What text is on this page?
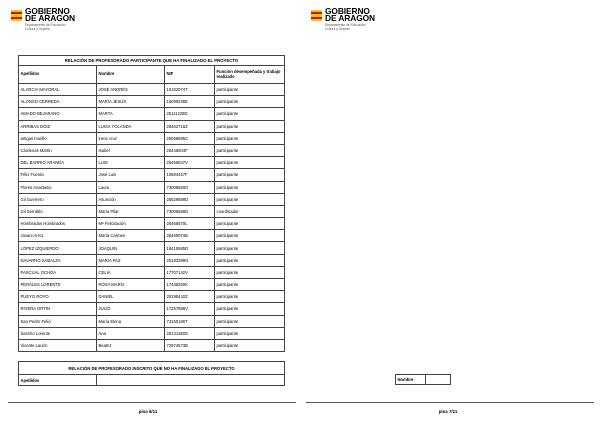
GOBIERNO
DE ARAGON
Departamento de Educación,
Cultura y Deporte
RELACIÓN DE PROFESORADO PARTICIPANTE QUE HA FINALIZADO EL PROYECTO			
Apellidos	Nombre	NIF	Función desempeñada y trabajo realizado
ALARCIA MAYORAL	JOSÉ ANDRÉS	10182074T	participante
ALONSO CERREDA	MARIA JESÚS	15099238E	participante
AMADO BEJARANO	MARTA	25111229D	participante
ARRIBAS DOIZ	LUISA YOLANDA	25462716Z	participante
artigas murillo	irene cruz	25066685C	participante
Cárdenas Martín	Isabel	25446504F	participante
DEL BARRIO ARANDA	LUIS	25455647V	participante
Félix Fuerdo	José Luis	10684427F	participante
Flores Anastasio	Laura	73006650D	participante
Gil Guerrero	Asunción	25629889D	participante
Gil Serrablo	María Pilar	73006669D	coordinador
Hombrados Hombrados	Mª Felicitación	25465570L	participante
Jovani Arroz	María Carmen	25469074B	participante
LÓPEZ IZQUIERDO	JOAQUÍN	18415585D	participante
NAVARRO SABALZA	MARIA PAZ	25193399N	participante
PASCUAL OCHOA	CELIA	17707142V	participante
PERALES LORENTE	ROSA MARÍA	17445250K	participante
PUEYO ROYO	DANIEL	25195442Z	participante
RIVERA ORTÍN	JULIO	17257888V	participante
San Pedro Felió	María Elena	73150186T	participante
Sancho Lorente	Ana	25131188G	participante
Vicente Laurín	Beatriz	72974573B	participante
RELACIÓN DE PROFESORADO INSCRITO QUE NO HA FINALIZADO EL PROYECTO
Apellidos	
pina 6/11
GOBIERNO
DE ARAGON
Departamento de Educación,
Cultura y Deporte
Nombre	
pina 7/11
